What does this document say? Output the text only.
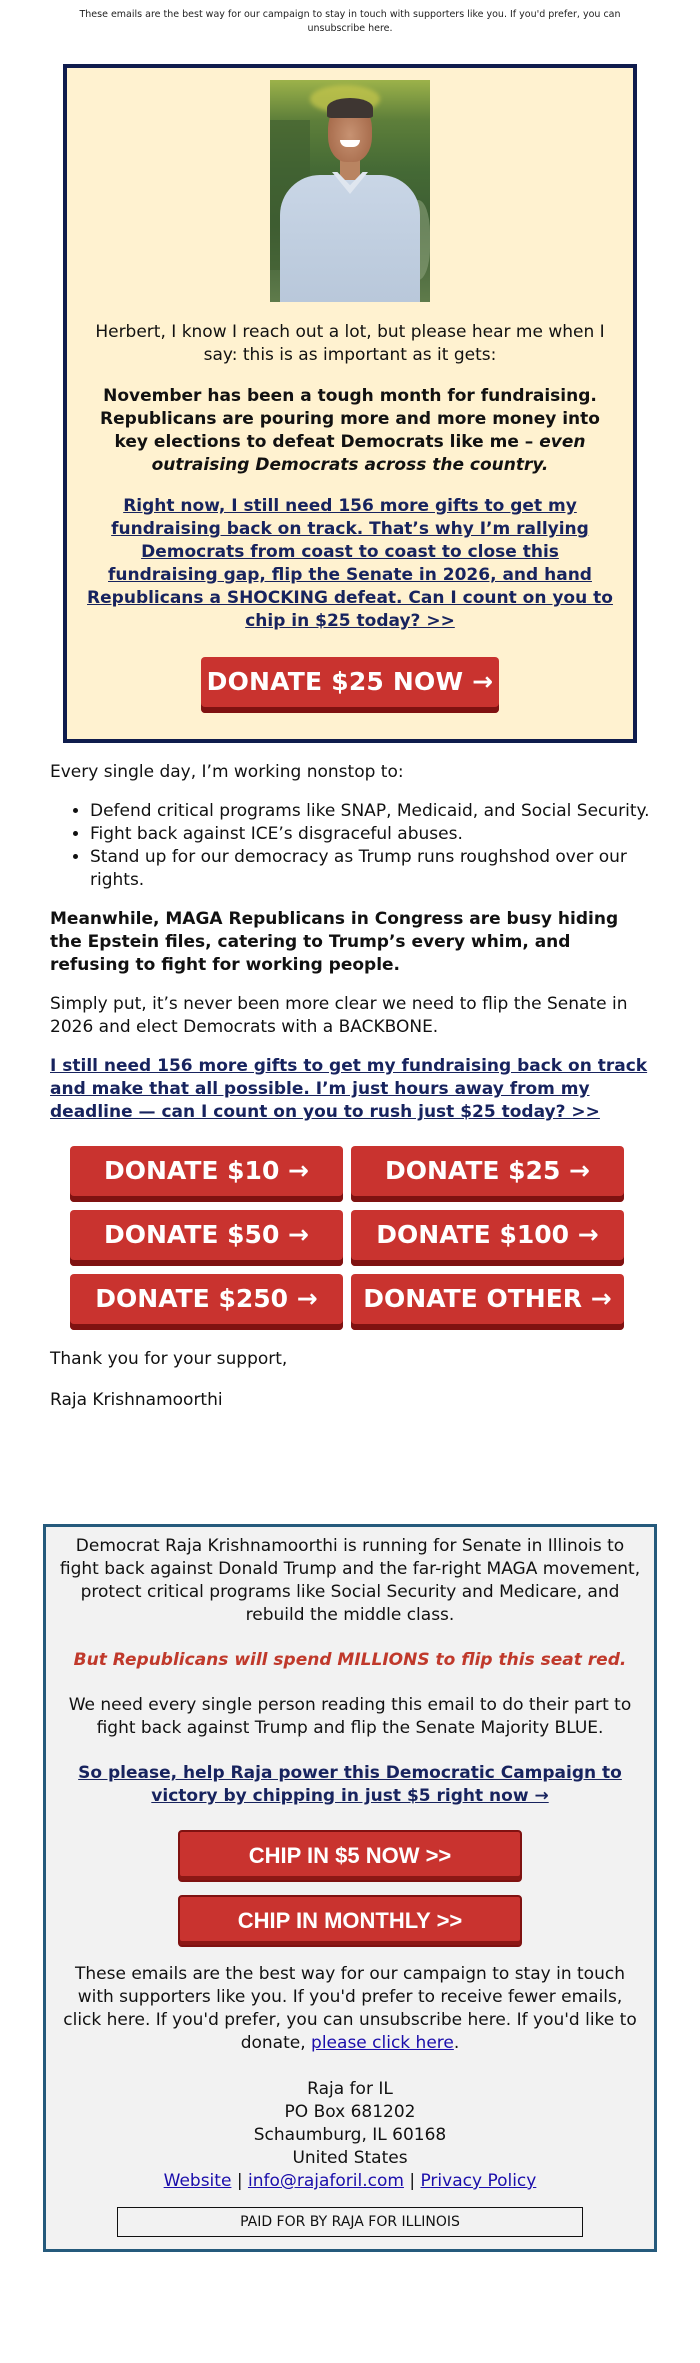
These emails are the best way for our campaign to stay in touch with supporters like you. If you'd prefer, you can unsubscribe here.

Herbert, I know I reach out a lot, but please hear me when I say: this is as important as it gets:

November has been a tough month for fundraising. Republicans are pouring more and more money into key elections to defeat Democrats like me – even outraising Democrats across the country.

Right now, I still need 156 more gifts to get my fundraising back on track. That’s why I’m rallying Democrats from coast to coast to close this fundraising gap, flip the Senate in 2026, and hand Republicans a SHOCKING defeat. Can I count on you to chip in $25 today? >>
DONATE $25 NOW →

Every single day, I’m working nonstop to:

• Defend critical programs like SNAP, Medicaid, and Social Security.
• Fight back against ICE’s disgraceful abuses.
• Stand up for our democracy as Trump runs roughshod over our rights.

Meanwhile, MAGA Republicans in Congress are busy hiding the Epstein files, catering to Trump’s every whim, and refusing to fight for working people.

Simply put, it’s never been more clear we need to flip the Senate in 2026 and elect Democrats with a BACKBONE.

I still need 156 more gifts to get my fundraising back on track and make that all possible. I’m just hours away from my deadline — can I count on you to rush just $25 today? >>
DONATE $10 →	DONATE $25 →
DONATE $50 →	DONATE $100 →
DONATE $250 →	DONATE OTHER →

Thank you for your support,

Raja Krishnamoorthi

Democrat Raja Krishnamoorthi is running for Senate in Illinois to fight back against Donald Trump and the far-right MAGA movement, protect critical programs like Social Security and Medicare, and rebuild the middle class.

But Republicans will spend MILLIONS to flip this seat red.

We need every single person reading this email to do their part to fight back against Trump and flip the Senate Majority BLUE.

So please, help Raja power this Democratic Campaign to victory by chipping in just $5 right now →
CHIP IN $5 NOW >>
CHIP IN MONTHLY >>

These emails are the best way for our campaign to stay in touch with supporters like you. If you'd prefer to receive fewer emails, click here. If you'd prefer, you can unsubscribe here. If you'd like to donate, please click here.

Raja for IL
PO Box 681202
Schaumburg, IL 60168
United States
Website | info@rajaforil.com | Privacy Policy
PAID FOR BY RAJA FOR ILLINOIS
